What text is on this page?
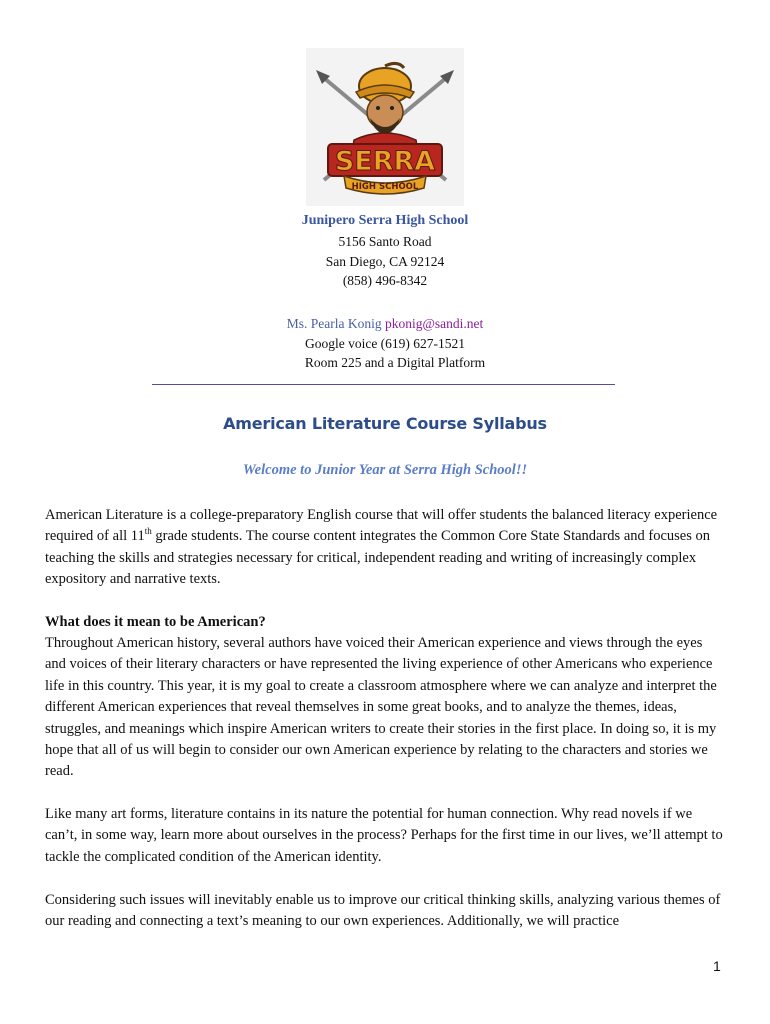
SERRA
HIGH SCHOOL
Junipero Serra High School
5156 Santo Road
San Diego, CA 92124
(858) 496-8342
Ms. Pearla Konig pkonig@sandi.net
Google voice (619) 627-1521
Room 225 and a Digital Platform
American Literature Course Syllabus
Welcome to Junior Year at Serra High School!!

American Literature is a college-preparatory English course that will offer students the balanced literacy experience required of all 11th grade students. The course content integrates the Common Core State Standards and focuses on teaching the skills and strategies necessary for critical, independent reading and writing of increasingly complex expository and narrative texts.

What does it mean to be American?
Throughout American history, several authors have voiced their American experience and views through the eyes and voices of their literary characters or have represented the living experience of other Americans who experience life in this country. This year, it is my goal to create a classroom atmosphere where we can analyze and interpret the different American experiences that reveal themselves in some great books, and to analyze the themes, ideas, struggles, and meanings which inspire American writers to create their stories in the first place. In doing so, it is my hope that all of us will begin to consider our own American experience by relating to the characters and stories we read.
Like many art forms, literature contains in its nature the potential for human connection. Why read novels if we can’t, in some way, learn more about ourselves in the process? Perhaps for the first time in our lives, we’ll attempt to tackle the complicated condition of the American identity.
Considering such issues will inevitably enable us to improve our critical thinking skills, analyzing various themes of our reading and connecting a text’s meaning to our own experiences. Additionally, we will practice
1
